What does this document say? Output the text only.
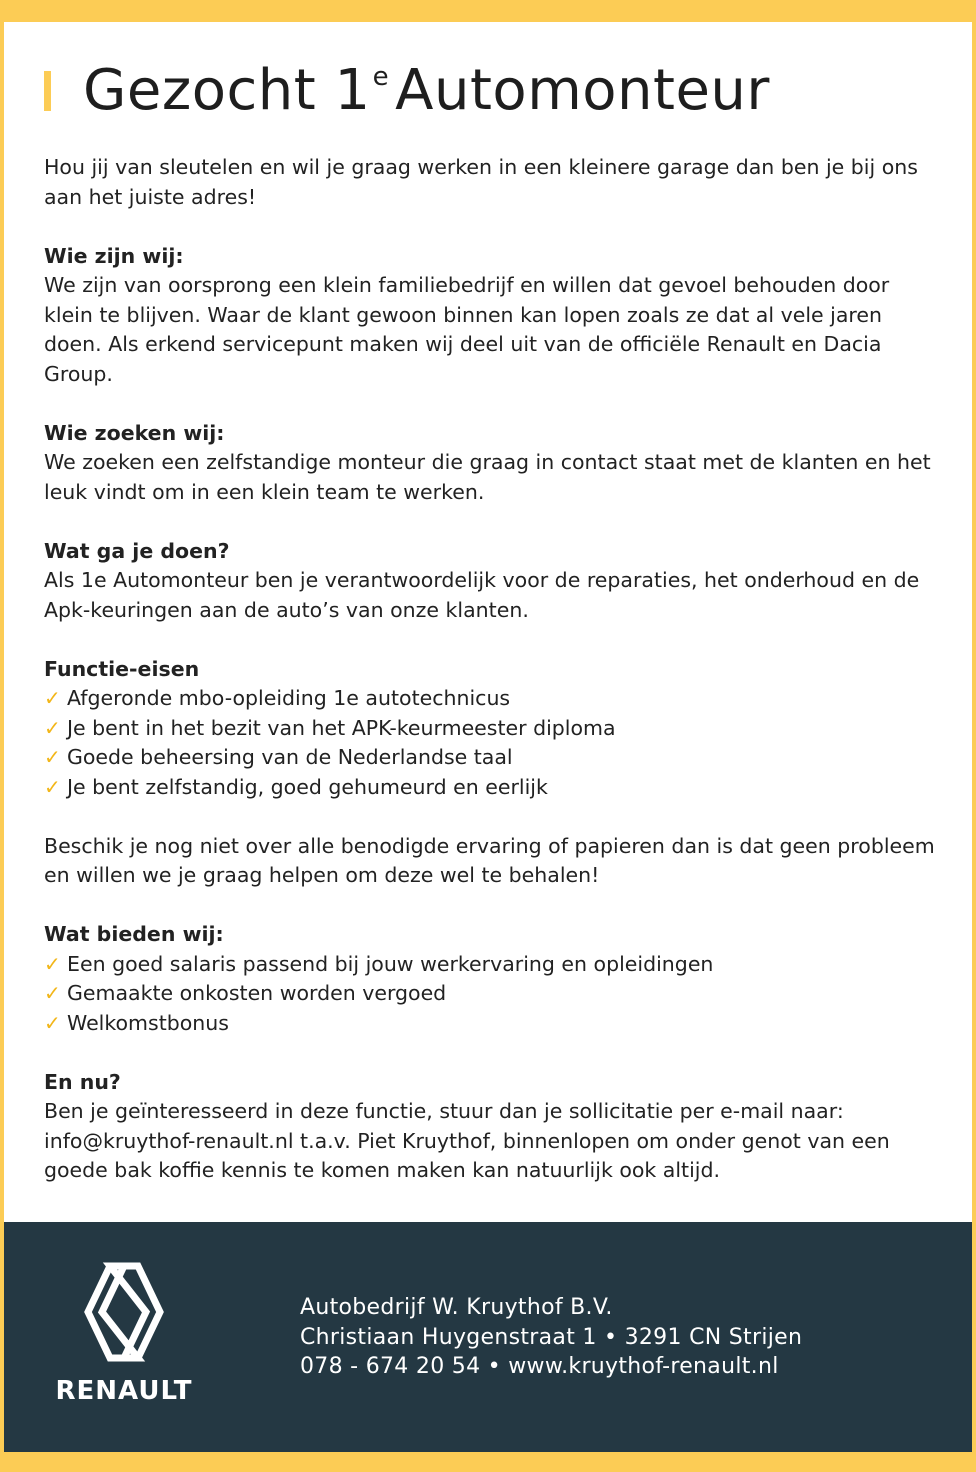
Gezocht 1e Automonteur

Hou jij van sleutelen en wil je graag werken in een kleinere garage dan ben je bij ons aan het juiste adres!

Wie zijn wij:

We zijn van oorsprong een klein familiebedrijf en willen dat gevoel behouden door klein te blijven. Waar de klant gewoon binnen kan lopen zoals ze dat al vele jaren doen. Als erkend servicepunt maken wij deel uit van de officiële Renault en Dacia Group.

Wie zoeken wij:

We zoeken een zelfstandige monteur die graag in contact staat met de klanten en het leuk vindt om in een klein team te werken.

Wat ga je doen?

Als 1e Automonteur ben je verantwoordelijk voor de reparaties, het onderhoud en de Apk-keuringen aan de auto’s van onze klanten.

Functie-eisen
✓ Afgeronde mbo-opleiding 1e autotechnicus
✓ Je bent in het bezit van het APK-keurmeester diploma
✓ Goede beheersing van de Nederlandse taal
✓ Je bent zelfstandig, goed gehumeurd en eerlijk

Beschik je nog niet over alle benodigde ervaring of papieren dan is dat geen probleem en willen we je graag helpen om deze wel te behalen!

Wat bieden wij:
✓ Een goed salaris passend bij jouw werkervaring en opleidingen
✓ Gemaakte onkosten worden vergoed
✓ Welkomstbonus
En nu?

Ben je geïnteresseerd in deze functie, stuur dan je sollicitatie per e-mail naar: info@kruythof-renault.nl t.a.v. Piet Kruythof, binnenlopen om onder genot van een goede bak koffie kennis te komen maken kan natuurlijk ook altijd.

RENAULT
Autobedrijf W. Kruythof B.V.
Christiaan Huygenstraat 1 • 3291 CN Strijen
078 - 674 20 54 • www.kruythof-renault.nl
